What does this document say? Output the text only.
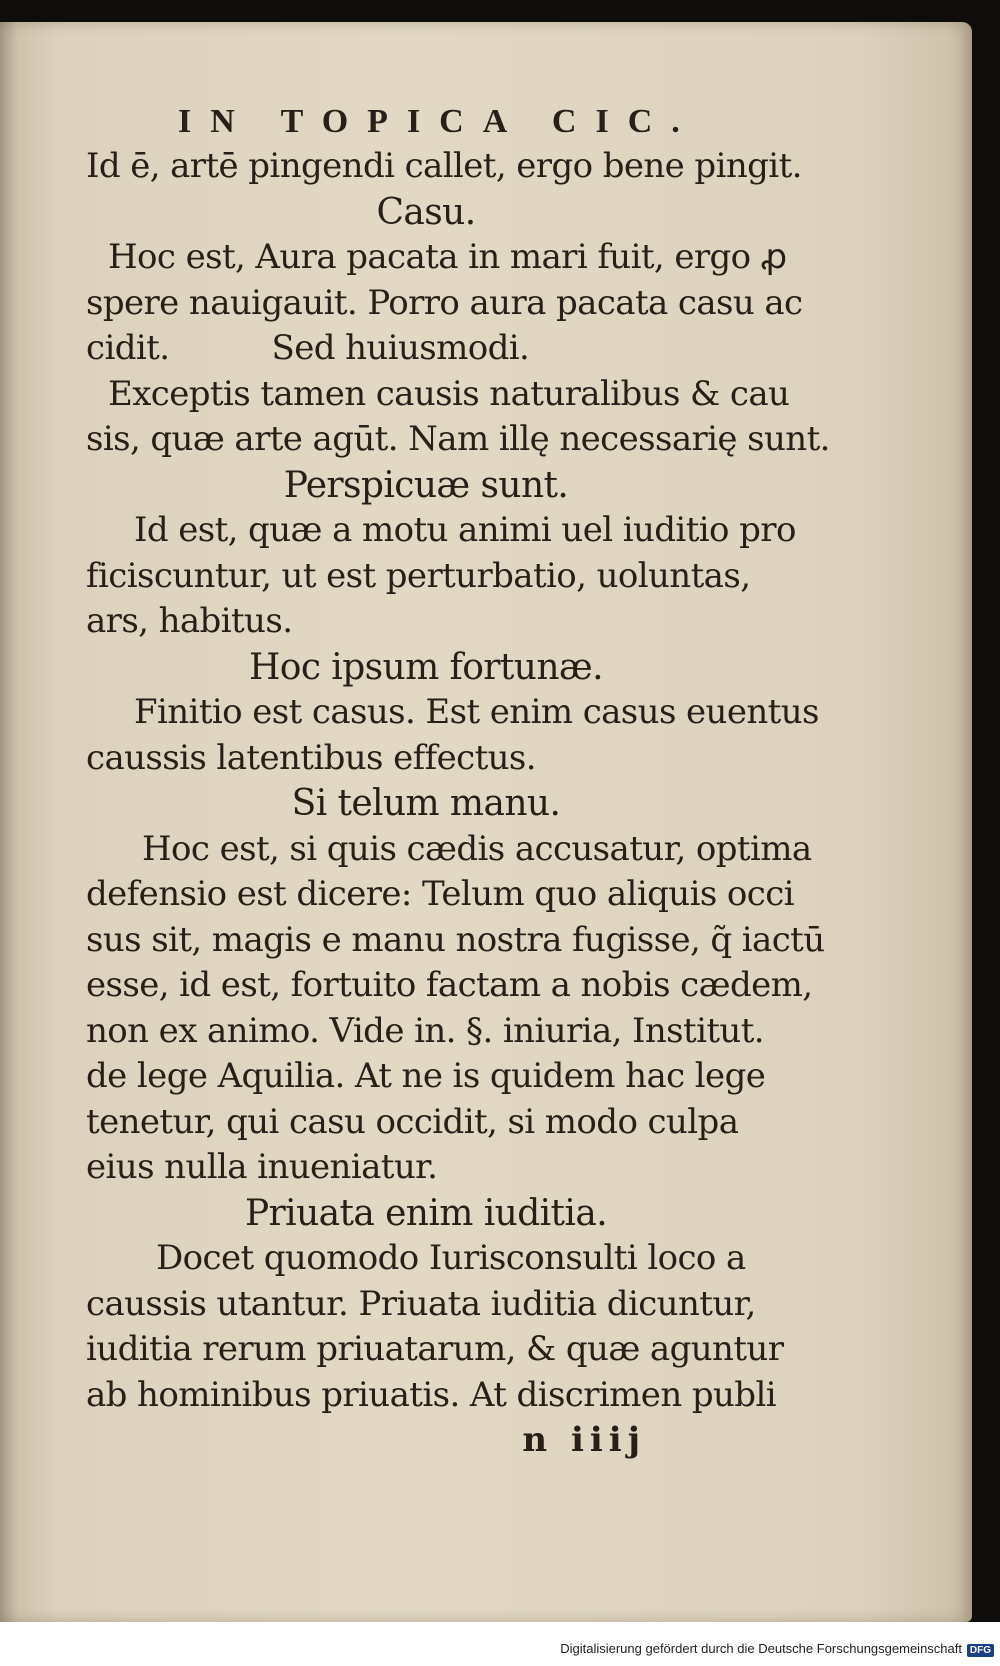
IN TOPICA CIC.
Id ē, artē pingendi callet, ergo bene pingit.
Casu.
Hoc est, Aura pacata in mari fuit, ergo ꝓ
spere nauigauit. Porro aura pacata casu ac
cidit.          Sed huiusmodi.
Exceptis tamen causis naturalibus & cau
sis, quæ arte agūt. Nam illę necessarię sunt.
Perspicuæ sunt.
Id est, quæ a motu animi uel iuditio pro
ficiscuntur, ut est perturbatio, uoluntas,
ars, habitus.
Hoc ipsum fortunæ.
Finitio est casus. Est enim casus euentus
caussis latentibus effectus.
Si telum manu.
Hoc est, si quis cædis accusatur, optima
defensio est dicere: Telum quo aliquis occi
sus sit, magis e manu nostra fugisse, q̃ iactū
esse, id est, fortuito factam a nobis cædem,
non ex animo. Vide in. §. iniuria, Institut.
de lege Aquilia. At ne is quidem hac lege
tenetur, qui casu occidit, si modo culpa
eius nulla inueniatur.
Priuata enim iuditia.
Docet quomodo Iurisconsulti loco a
caussis utantur. Priuata iuditia dicuntur,
iuditia rerum priuatarum, & quæ aguntur
ab hominibus priuatis. At discrimen publi
n iiij
Digitalisierung gefördert durch die Deutsche Forschungsgemeinschaft DFG
